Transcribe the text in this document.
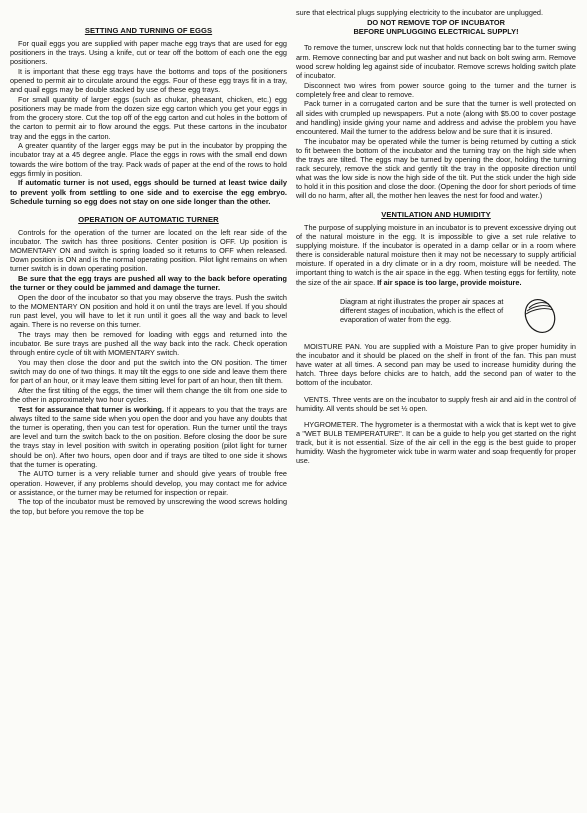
SETTING AND TURNING OF EGGS

For quail eggs you are supplied with paper mache egg trays that are used for egg positioners in the trays. Using a knife, cut or tear off the bottom of each one the egg positioners.

It is important that these egg trays have the bottoms and tops of the positioners opened to permit air to circulate around the eggs. Four of these egg trays fit in a tray, and quail eggs may be double stacked by use of these egg trays.

For small quantity of larger eggs (such as chukar, pheasant, chicken, etc.) egg positioners may be made from the dozen size egg carton which you get your eggs in from the grocery store. Cut the top off of the egg carton and cut holes in the bottom of the carton to permit air to flow around the eggs. Put these cartons in the incubator tray and the eggs in the carton.

A greater quantity of the larger eggs may be put in the incubator by propping the incubator tray at a 45 degree angle. Place the eggs in rows with the small end down towards the wire bottom of the tray. Pack wads of paper at the end of the rows to hold eggs firmly in position.

If automatic turner is not used, eggs should be turned at least twice daily to prevent yolk from settling to one side and to exercise the egg embryo. Schedule turning so egg does not stay on one side longer than the other.

OPERATION OF AUTOMATIC TURNER

Controls for the operation of the turner are located on the left rear side of the incubator. The switch has three positions. Center position is OFF. Up position is MOMENTARY ON and switch is spring loaded so it returns to OFF when released. Down position is ON and is the normal operating position. Pilot light remains on when turner switch is in down operating position.

Be sure that the egg trays are pushed all way to the back before operating the turner or they could be jammed and damage the turner.

Open the door of the incubator so that you may observe the trays. Push the switch to the MOMENTARY ON position and hold it on until the trays are level. If you should run past level, you will have to let it run until it goes all the way and back to level again. There is no reverse on this turner.

The trays may then be removed for loading with eggs and returned into the incubator. Be sure trays are pushed all the way back into the rack. Check operation through entire cycle of tilt with MOMENTARY switch.

You may then close the door and put the switch into the ON position. The timer switch may do one of two things. It may tilt the eggs to one side and leave them there for part of an hour, or it may leave them sitting level for part of an hour, then tilt them.

After the first tilting of the eggs, the timer will them change the tilt from one side to the other in approximately two hour cycles.

Test for assurance that turner is working. If it appears to you that the trays are always tilted to the same side when you open the door and you have any doubts that the turner is operating, then you can test for operation. Run the turner until the trays are level and turn the switch back to the on position. Before closing the door be sure the trays stay in level position with switch in operating position (pilot light for turner should be on). After two hours, open door and if trays are tilted to one side it shows that the turner is operating.

The AUTO turner is a very reliable turner and should give years of trouble free operation. However, if any problems should develop, you may contact me for advice or assistance, or the turner may be returned for inspection or repair.

The top of the incubator must be removed by unscrewing the wood screws holding the top, but before you remove the top be

sure that electrical plugs supplying electricity to the incubator are unplugged.

DO NOT REMOVE TOP OF INCUBATOR
BEFORE UNPLUGGING ELECTRICAL SUPPLY!

To remove the turner, unscrew lock nut that holds connecting bar to the turner swing arm. Remove connecting bar and put washer and nut back on bolt swing arm. Remove wood screw holding leg against side of incubator. Remove screws holding switch plate of incubator.

Disconnect two wires from power source going to the turner and the turner is completely free and clear to remove.

Pack turner in a corrugated carton and be sure that the turner is well protected on all sides with crumpled up newspapers. Put a note (along with $5.00 to cover postage and handling) inside giving your name and address and advise the problem you have encountered. Mail the turner to the address below and be sure that it is insured.

The incubator may be operated while the turner is being returned by cutting a stick to fit between the bottom of the incubator and the turning tray on the high side when the trays are tilted. The eggs may be turned by opening the door, holding the turning rack securely, remove the stick and gently tilt the tray in the opposite direction until what was the low side is now the high side of the tilt. Put the stick under the high side to hold it in this position and close the door. (Opening the door for short periods of time will do no harm, after all, the mother hen leaves the nest for food and water.)

VENTILATION AND HUMIDITY

The purpose of supplying moisture in an incubator is to prevent excessive drying out of the natural moisture in the egg. It is impossible to give a set rule relative to supplying moisture. If the incubator is operated in a damp cellar or in a room where there is considerable natural moisture then it may not be necessary to supply artificial moisture. If operated in a dry climate or in a dry room, moisture will be needed. The important thing to watch is the air space in the egg. When testing eggs for fertility, note the size of the air space. If air space is too large, provide moisture.

Diagram at right illustrates the proper air spaces at different stages of incubation, which is the effect of evaporation of water from the egg.

MOISTURE PAN. You are supplied with a Moisture Pan to give proper humidity in the incubator and it should be placed on the shelf in front of the fan. This pan must have water at all times. A second pan may be used to increase humidity during the hatch. Three days before chicks are to hatch, add the second pan of water to the bottom of the incubator.

VENTS. Three vents are on the incubator to supply fresh air and aid in the control of humidity. All vents should be set ½ open.

HYGROMETER. The hygrometer is a thermostat with a wick that is kept wet to give a "WET BULB TEMPERATURE". It can be a guide to help you get started on the right track, but it is not essential. Size of the air cell in the egg is the best guide to proper humidity. Wash the hygrometer wick tube in warm water and soap frequently for proper use.
